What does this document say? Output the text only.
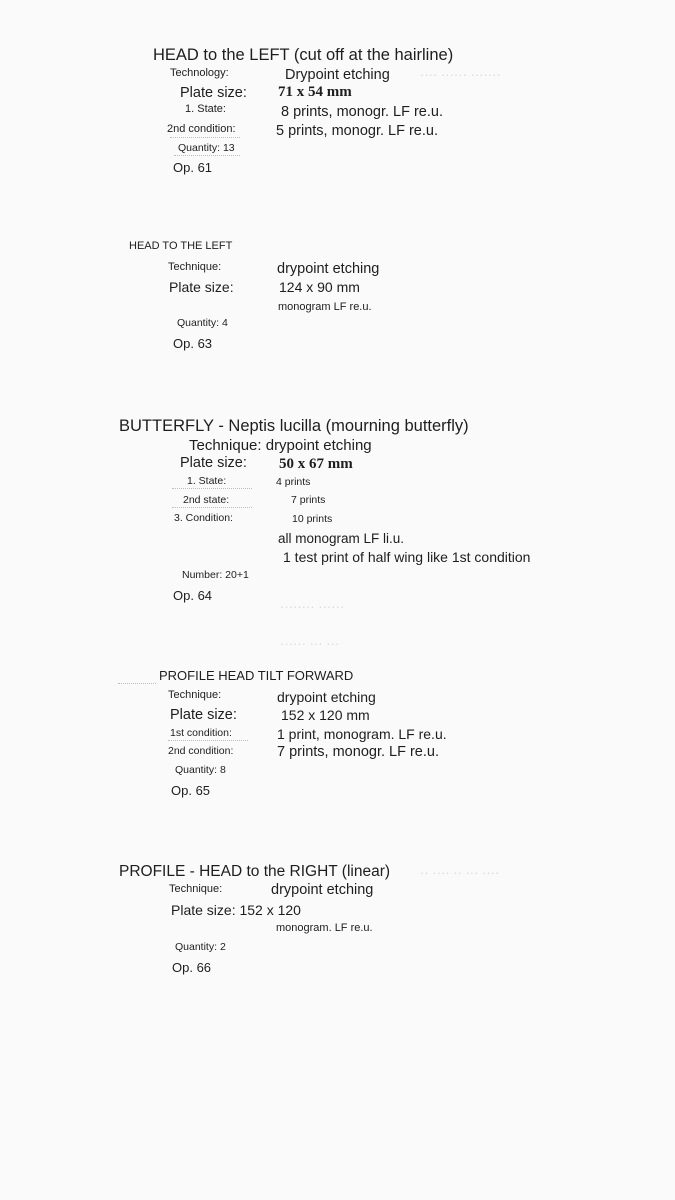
···· ······ ·······
········ ······
······ ··· ···
·· ···· ·· ··· ····
HEAD to the LEFT (cut off at the hairline)
Technology:	Drypoint etching
Plate size: 71 x 54 mm
1. State:	8 prints, monogr. LF re.u.
2nd condition:	5 prints, monogr. LF re.u.
Quantity: 13
Op. 61
HEAD TO THE LEFT
Technique:	drypoint etching
Plate size:	124 x 90 mm
monogram LF re.u.
Quantity: 4
Op. 63
BUTTERFLY - Neptis lucilla (mourning butterfly)
Technique: drypoint etching
Plate size: 50 x 67 mm
1. State:	4 prints
2nd state:	7 prints
3. Condition:	10 prints
all monogram LF li.u.
1 test print of half wing like 1st condition
Number: 20+1
Op. 64
PROFILE HEAD TILT FORWARD
Technique:	drypoint etching
Plate size:	152 x 120 mm
1st condition:	1 print, monogram. LF re.u.
2nd condition:	7 prints, monogr. LF re.u.
Quantity: 8
Op. 65
PROFILE - HEAD to the RIGHT (linear)
Technique:	drypoint etching
Plate size: 152 x 120
monogram. LF re.u.
Quantity: 2
Op. 66
